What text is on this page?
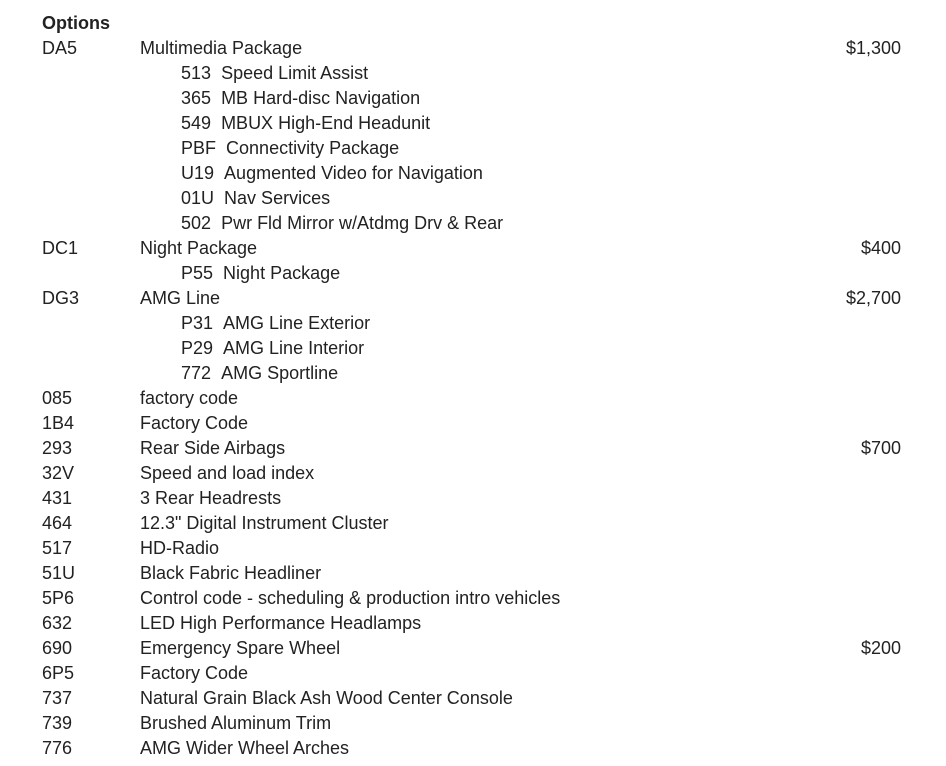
Options
DA5	Multimedia Package	$1,300
513 Speed Limit Assist
365 MB Hard-disc Navigation
549 MBUX High-End Headunit
PBF Connectivity Package
U19 Augmented Video for Navigation
01U Nav Services
502 Pwr Fld Mirror w/Atdmg Drv & Rear
DC1	Night Package	$400
P55 Night Package
DG3	AMG Line	$2,700
P31 AMG Line Exterior
P29 AMG Line Interior
772 AMG Sportline
085	factory code
1B4	Factory Code
293	Rear Side Airbags	$700
32V	Speed and load index
431	3 Rear Headrests
464	12.3" Digital Instrument Cluster
517	HD-Radio
51U	Black Fabric Headliner
5P6	Control code - scheduling & production intro vehicles
632	LED High Performance Headlamps
690	Emergency Spare Wheel	$200
6P5	Factory Code
737	Natural Grain Black Ash Wood Center Console
739	Brushed Aluminum Trim
776	AMG Wider Wheel Arches
